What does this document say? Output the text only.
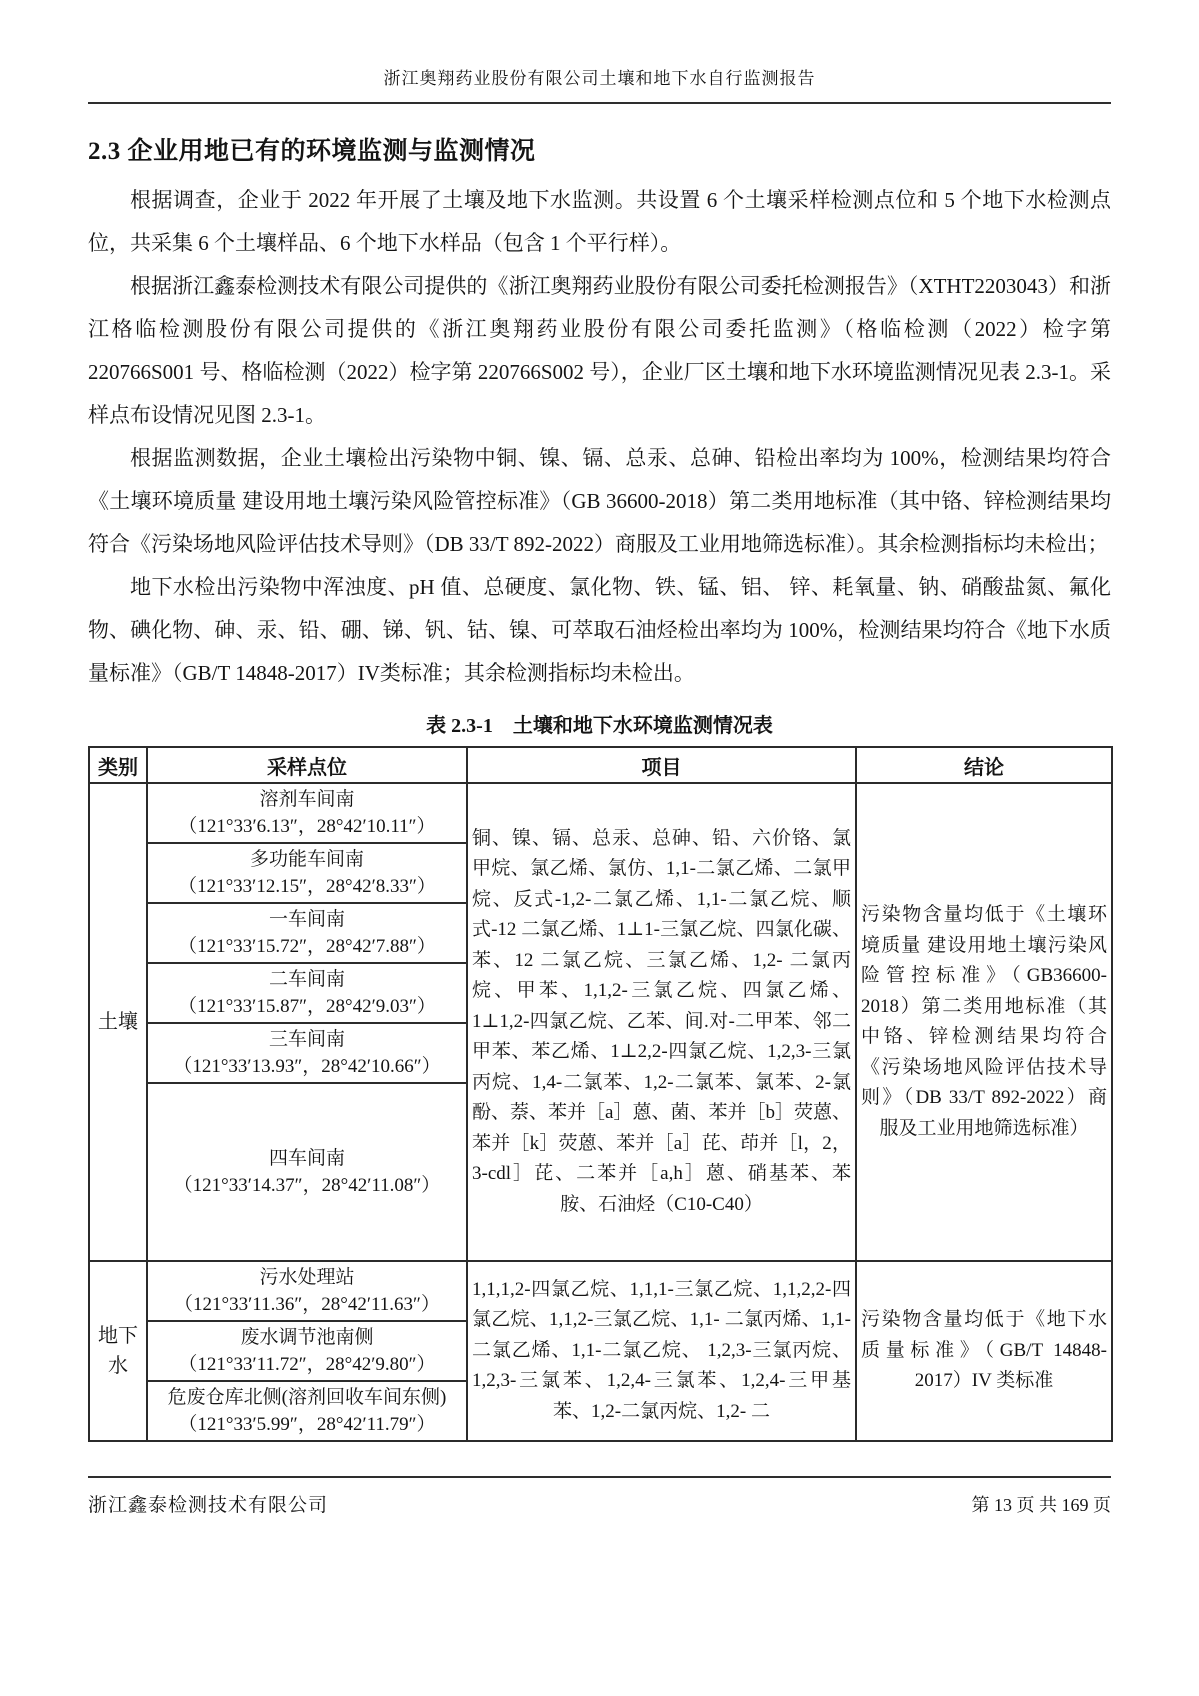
浙江奥翔药业股份有限公司土壤和地下水自行监测报告
2.3 企业用地已有的环境监测与监测情况

根据调查，企业于 2022 年开展了土壤及地下水监测。共设置 6 个土壤采样检测点位和 5 个地下水检测点位，共采集 6 个土壤样品、6 个地下水样品（包含 1 个平行样）。

根据浙江鑫泰检测技术有限公司提供的《浙江奥翔药业股份有限公司委托检测报告》（XTHT2203043）和浙江格临检测股份有限公司提供的《浙江奥翔药业股份有限公司委托监测》（格临检测（2022）检字第 220766S001 号、格临检测（2022）检字第 220766S002 号），企业厂区土壤和地下水环境监测情况见表 2.3-1。采样点布设情况见图 2.3-1。

根据监测数据，企业土壤检出污染物中铜、镍、镉、总汞、总砷、铅检出率均为 100%，检测结果均符合《土壤环境质量 建设用地土壤污染风险管控标准》（GB 36600-2018）第二类用地标准（其中铬、锌检测结果均符合《污染场地风险评估技术导则》（DB 33/T 892-2022）商服及工业用地筛选标准）。其余检测指标均未检出；

地下水检出污染物中浑浊度、pH 值、总硬度、氯化物、铁、锰、铝、 锌、耗氧量、钠、硝酸盐氮、氟化物、碘化物、砷、汞、铅、硼、锑、钒、钴、镍、可萃取石油烃检出率均为 100%，检测结果均符合《地下水质量标准》（GB/T 14848-2017）IV类标准；其余检测指标均未检出。

表 2.3-1　土壤和地下水环境监测情况表
类别	采样点位	项目	结论
土壤	溶剂车间南
（121°33′6.13″，28°42′10.11″）	铜、镍、镉、总汞、总砷、铅、六价铬、氯甲烷、氯乙烯、氯仿、1,1-二氯乙烯、二氯甲烷、反式-1,2-二氯乙烯、1,1-二氯乙烷、顺式-12 二氯乙烯、1⊥1-三氯乙烷、四氯化碳、苯、12 二氯乙烷、三氯乙烯、1,2- 二氯丙烷、甲苯、1,1,2-三氯乙烷、四氯乙烯、1⊥1,2-四氯乙烷、乙苯、间.对-二甲苯、邻二甲苯、苯乙烯、1⊥2,2-四氯乙烷、1,2,3-三氯丙烷、1,4-二氯苯、1,2-二氯苯、氯苯、2-氯酚、萘、苯并［a］蒽、菌、苯并［b］荧蒽、苯并［k］荧蒽、苯并［a］芘、茚并［l，2，3-cdl］芘、二苯并［a,h］蒽、硝基苯、苯胺、石油烃（C10-C40）	污染物含量均低于《土壤环境质量 建设用地土壤污染风险管控标准》（GB36600-2018）第二类用地标准（其中铬、锌检测结果均符合《污染场地风险评估技术导则》（DB 33/T 892-2022）商服及工业用地筛选标准）

	多功能车间南
（121°33′12.15″，28°42′8.33″）		

	一车间南
（121°33′15.72″，28°42′7.88″）		

	二车间南
（121°33′15.87″，28°42′9.03″）		

	三车间南
（121°33′13.93″，28°42′10.66″）		

	四车间南
（121°33′14.37″，28°42′11.08″）		

地下水	污水处理站
（121°33′11.36″，28°42′11.63″）	1,1,1,2-四氯乙烷、1,1,1-三氯乙烷、1,1,2,2-四氯乙烷、1,1,2-三氯乙烷、1,1- 二氯丙烯、1,1-二氯乙烯、1,1-二氯乙烷、 1,2,3-三氯丙烷、1,2,3-三氯苯、1,2,4-三氯苯、1,2,4-三甲基苯、1,2-二氯丙烷、1,2- 二	污染物含量均低于《地下水质量标准》（GB/T 14848-2017）IV 类标准

	废水调节池南侧
（121°33′11.72″，28°42′9.80″）		

	危废仓库北侧(溶剂回收车间东侧)
（121°33′5.99″，28°42′11.79″）		
浙江鑫泰检测技术有限公司	第 13 页 共 169 页
